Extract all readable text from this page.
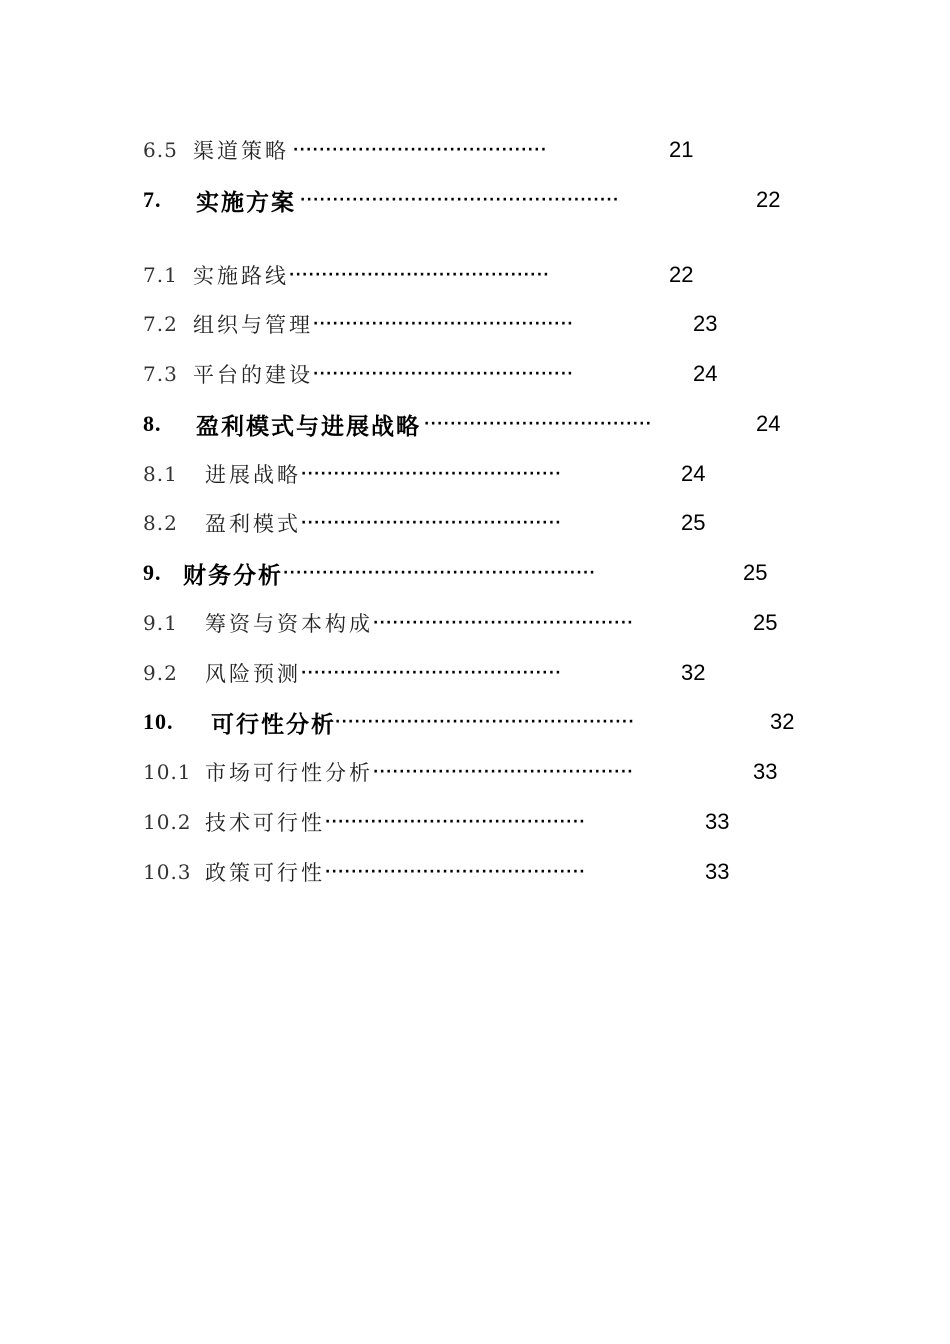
6.5 渠道策略 ·······································	21
7.	实施方案 ·················································	22
7.1 实施路线 ········································	22
7.2 组织与管理 ········································	23
7.3 平台的建设 ········································	24
8.	盈利模式与进展战略 ···································	24
8.1	进展战略 ········································	24
8.2	盈利模式 ········································	25
9. 财务分析 ················································	25
9.1	筹资与资本构成 ········································	25
9.2	风险预测 ········································	32
10.	可行性分析 ··············································	32
10.1 市场可行性分析 ········································	33
10.2 技术可行性 ········································	33
10.3 政策可行性 ········································	33
